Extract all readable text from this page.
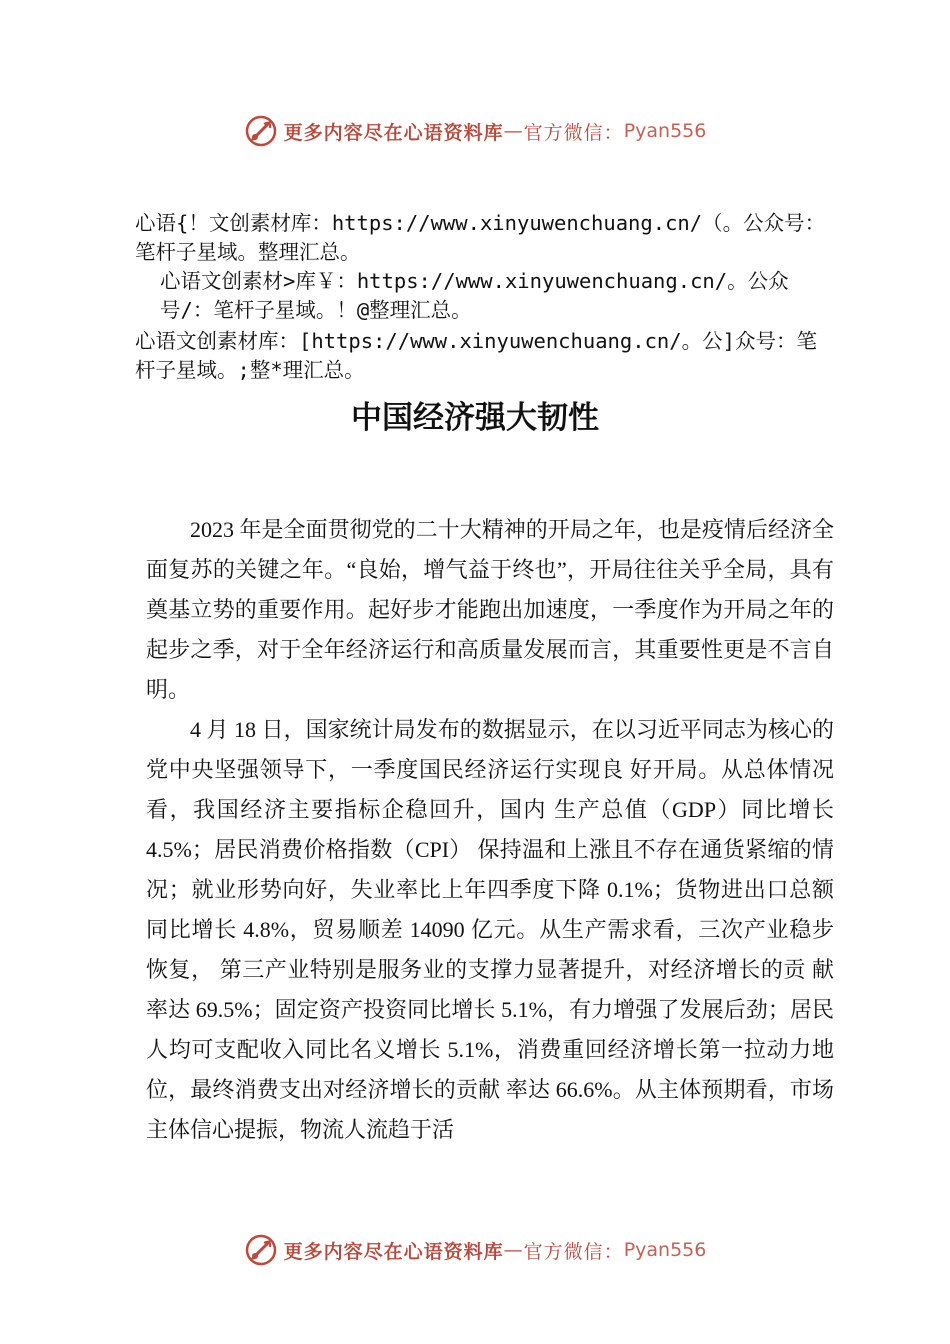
更多内容尽在心语资料库 — 官方微信： Pyan556
心语{！文创素材库：https://www.xinyuwenchuang.cn/（。公众号：笔杆子星域。整理汇总。
心语文创素材>库￥：https://www.xinyuwenchuang.cn/。公众号/：笔杆子星域。！@整理汇总。
心语文创素材库：[https://www.xinyuwenchuang.cn/。公]众号：笔杆子星域。;整*理汇总。
中国经济强大韧性

2023 年是全面贯彻党的二十大精神的开局之年，也是疫情后经济全面复苏的关键之年。“良始，增气益于终也”，开局往往关乎全局，具有奠基立势的重要作用。起好步才能跑出加速度，一季度作为开局之年的起步之季，对于全年经济运行和高质量发展而言，其重要性更是不言自明。

4 月 18 日，国家统计局发布的数据显示，在以习近平同志为核心的党中央坚强领导下，一季度国民经济运行实现良 好开局。从总体情况看，我国经济主要指标企稳回升，国内 生产总值（GDP）同比增长 4.5%；居民消费价格指数（CPI） 保持温和上涨且不存在通货紧缩的情况；就业形势向好，失业率比上年四季度下降 0.1%；货物进出口总额同比增长 4.8%，贸易顺差 14090 亿元。从生产需求看，三次产业稳步恢复， 第三产业特别是服务业的支撑力显著提升，对经济增长的贡 献率达 69.5%；固定资产投资同比增长 5.1%，有力增强了发展后劲；居民人均可支配收入同比名义增长 5.1%，消费重回经济增长第一拉动力地位，最终消费支出对经济增长的贡献 率达 66.6%。从主体预期看，市场主体信心提振，物流人流趋于活

更多内容尽在心语资料库 — 官方微信： Pyan556
